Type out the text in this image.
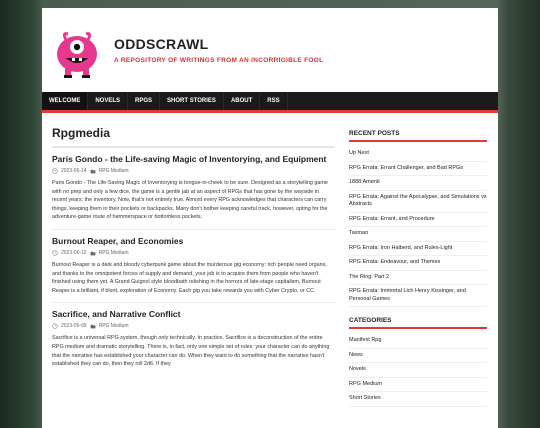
ODDSCRAWL
A REPOSITORY OF WRITINGS FROM AN INCORRIGIBLE FOOL
WELCOME	NOVELS	RPGS	SHORT STORIES	ABOUT	RSS
Rpgmedia
Paris Gondo - the Life-saving Magic of Inventorying, and Equipment
2023-06-14 RPG Medium
Paris Gondo - The Life-Saving Magic of Inventorying is tongue-in-cheek to be sure. Designed as a storytelling game with no prep and only a few dice, the game is a gentle jab at an aspect of RPGs that has gone by the wayside in recent years: the inventory. Now, that's not entirely true. Almost every RPG acknowledges that characters can carry things, keeping them in their pockets or backpacks. Many don't bother keeping careful track, however, opting for the adventure-game route of hammerspace or bottomless pockets.
Burnout Reaper, and Economies
2023-06-12 RPG Medium
Burnout Reaper is a dark and bloody cyberpunk game about the murderous gig economy: rich people need organs, and thanks to the omnipotent forces of supply and demand, your job is to acquire them from people who haven't finished using them yet. A Grand Guignol style bloodbath relishing in the horrors of late-stage capitalism, Burnout Reaper is a brilliant, if blunt, exploration of Economy. Each gig you take rewards you with Cyber Crypto, or CC.
Sacrifice, and Narrative Conflict
2023-06-09 RPG Medium
Sacrifice is a universal RPG system, though only technically. In practice, Sacrifice is a deconstruction of the entire RPG medium and dramatic storytelling. There is, in fact, only one simple set of rules: your character can do anything that the narrative has established your character can do. When they want to do something that the narrative hasn't established they can do, then they roll 2d6. If they
RECENT POSTS
Up Next
RPG Errata: Errant Challenger, and Bad RPGs
1888 Amenti
RPG Errata: Against the Apocalypse, and Simulations vs Abstracts
RPG Errata: Errant, and Procedure
Taxman
RPG Errata: Iron Halberd, and Rules-Light
RPG Errata: Endeavour, and Themes
The Ring: Part 2
RPG Errata: Immortal Lich Henry Kissinger, and Personal Games
CATEGORIES
Manifest Rpg
News
Novels
RPG Medium
Short Stories
